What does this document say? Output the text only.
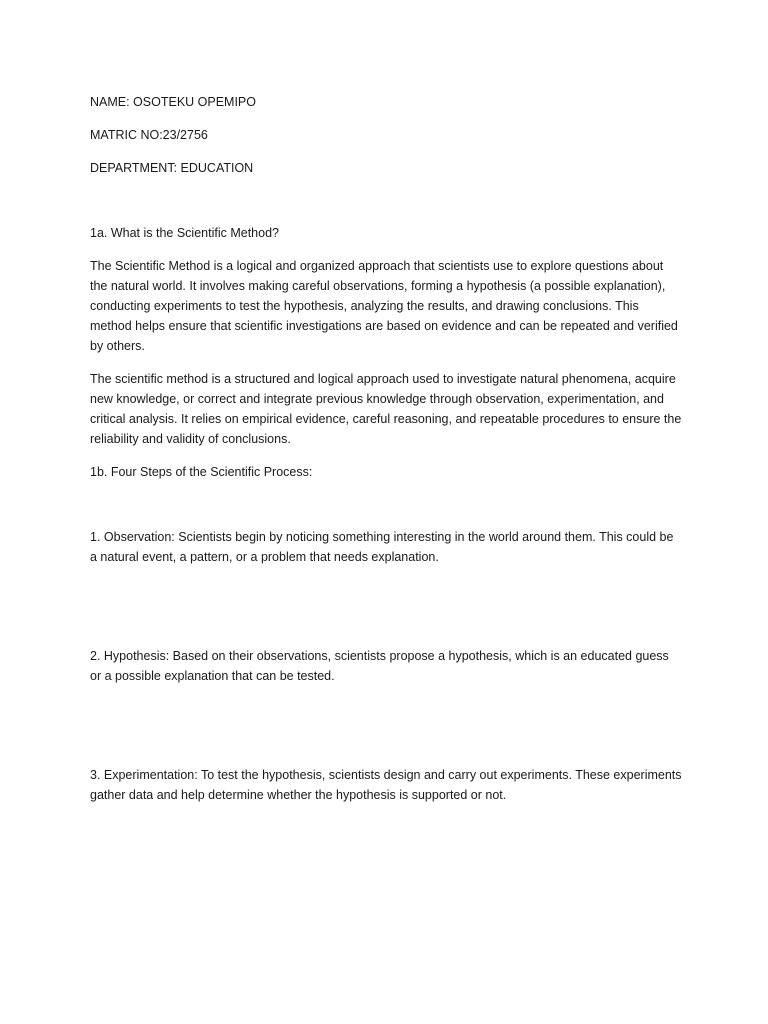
NAME: OSOTEKU OPEMIPO

MATRIC NO:23/2756

DEPARTMENT: EDUCATION

1a. What is the Scientific Method?

The Scientific Method is a logical and organized approach that scientists use to explore questions about the natural world. It involves making careful observations, forming a hypothesis (a possible explanation), conducting experiments to test the hypothesis, analyzing the results, and drawing conclusions. This method helps ensure that scientific investigations are based on evidence and can be repeated and verified by others.

The scientific method is a structured and logical approach used to investigate natural phenomena, acquire new knowledge, or correct and integrate previous knowledge through observation, experimentation, and critical analysis. It relies on empirical evidence, careful reasoning, and repeatable procedures to ensure the reliability and validity of conclusions.

1b. Four Steps of the Scientific Process:

1. Observation: Scientists begin by noticing something interesting in the world around them. This could be a natural event, a pattern, or a problem that needs explanation.

2. Hypothesis: Based on their observations, scientists propose a hypothesis, which is an educated guess or a possible explanation that can be tested.

3. Experimentation: To test the hypothesis, scientists design and carry out experiments. These experiments gather data and help determine whether the hypothesis is supported or not.
